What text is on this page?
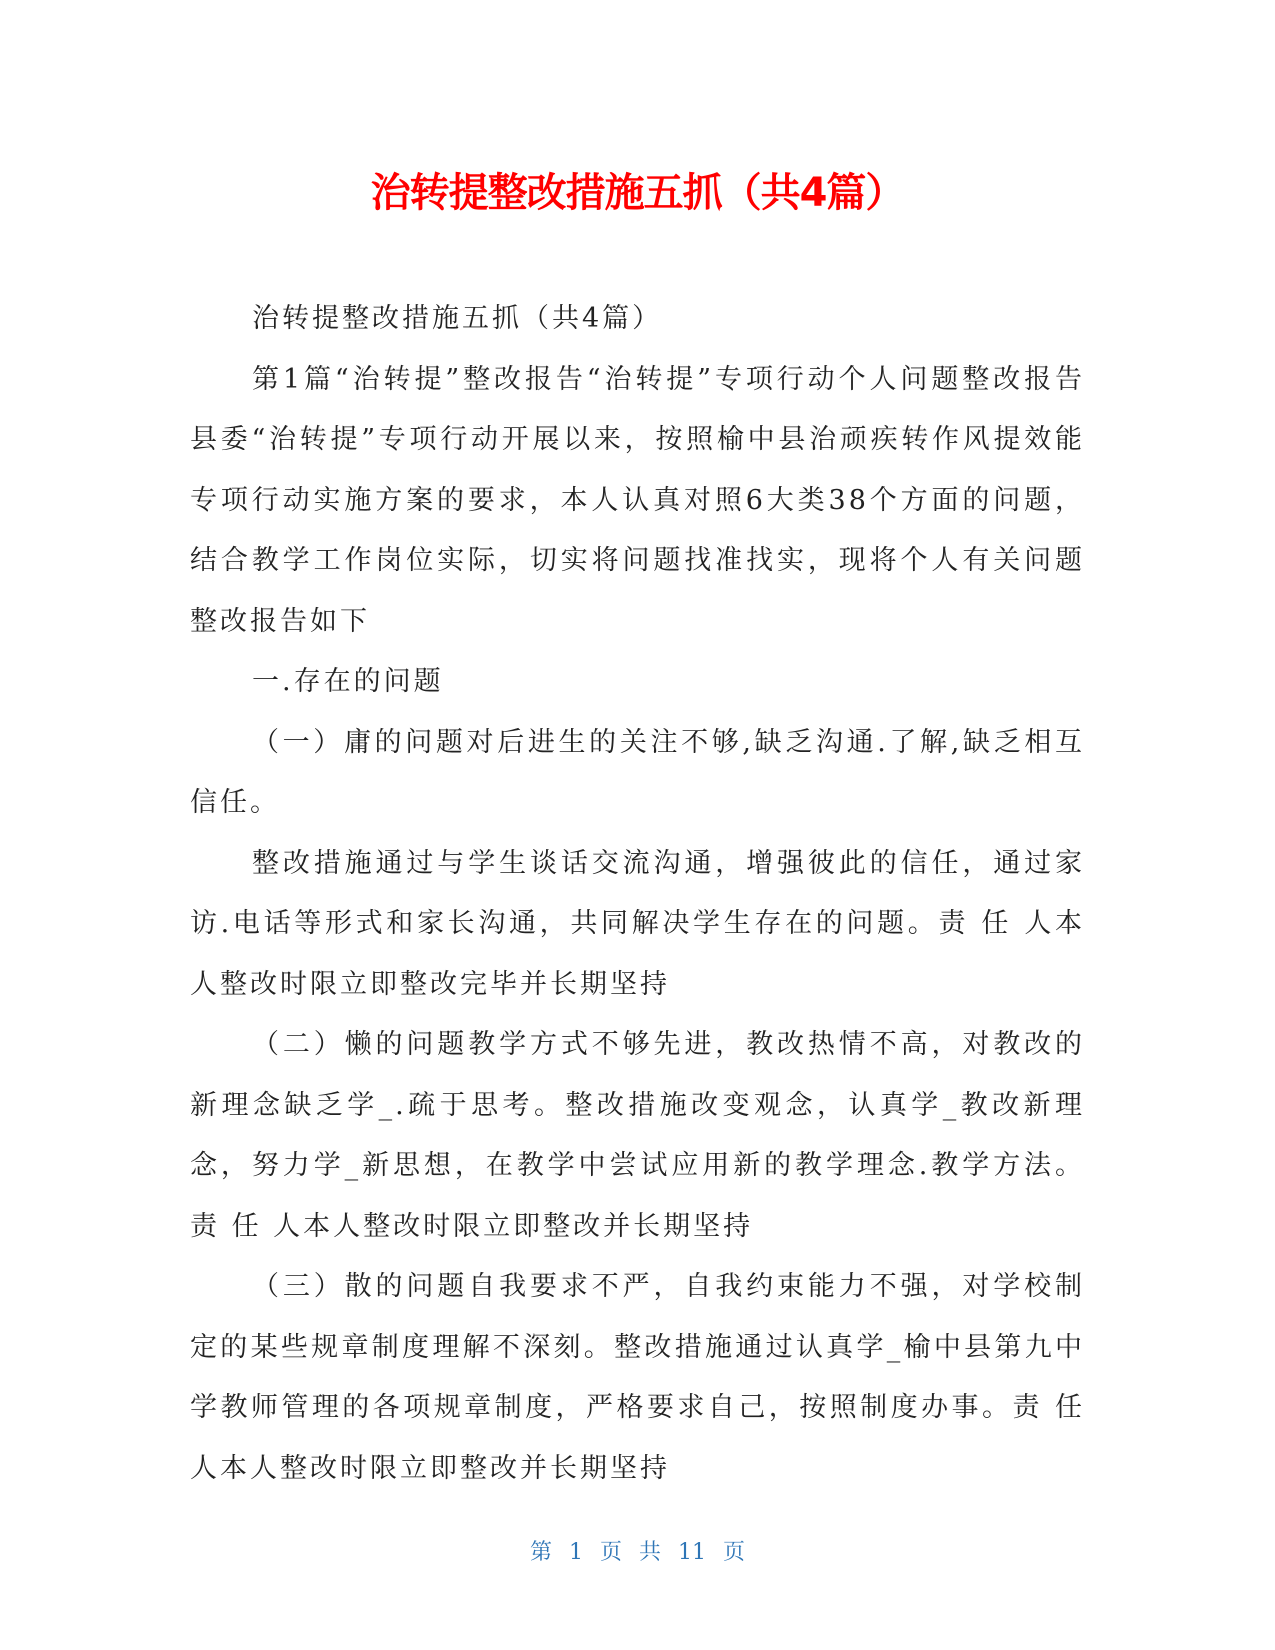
治转提整改措施五抓（共4篇）

治转提整改措施五抓（共4篇）

第1篇“治转提”整改报告“治转提”专项行动个人问题整改报告县委“治转提”专项行动开展以来，按照榆中县治顽疾转作风提效能专项行动实施方案的要求，本人认真对照6大类38个方面的问题，结合教学工作岗位实际，切实将问题找准找实，现将个人有关问题整改报告如下

一.存在的问题

（一）庸的问题对后进生的关注不够,缺乏沟通.了解,缺乏相互信任。

整改措施通过与学生谈话交流沟通，增强彼此的信任，通过家访.电话等形式和家长沟通，共同解决学生存在的问题。责 任 人本人整改时限立即整改完毕并长期坚持

（二）懒的问题教学方式不够先进，教改热情不高，对教改的新理念缺乏学_.疏于思考。整改措施改变观念，认真学_教改新理念，努力学_新思想，在教学中尝试应用新的教学理念.教学方法。责 任 人本人整改时限立即整改并长期坚持

（三）散的问题自我要求不严，自我约束能力不强，对学校制定的某些规章制度理解不深刻。整改措施通过认真学_榆中县第九中学教师管理的各项规章制度，严格要求自己，按照制度办事。责 任 人本人整改时限立即整改并长期坚持

第 1 页 共 11 页
